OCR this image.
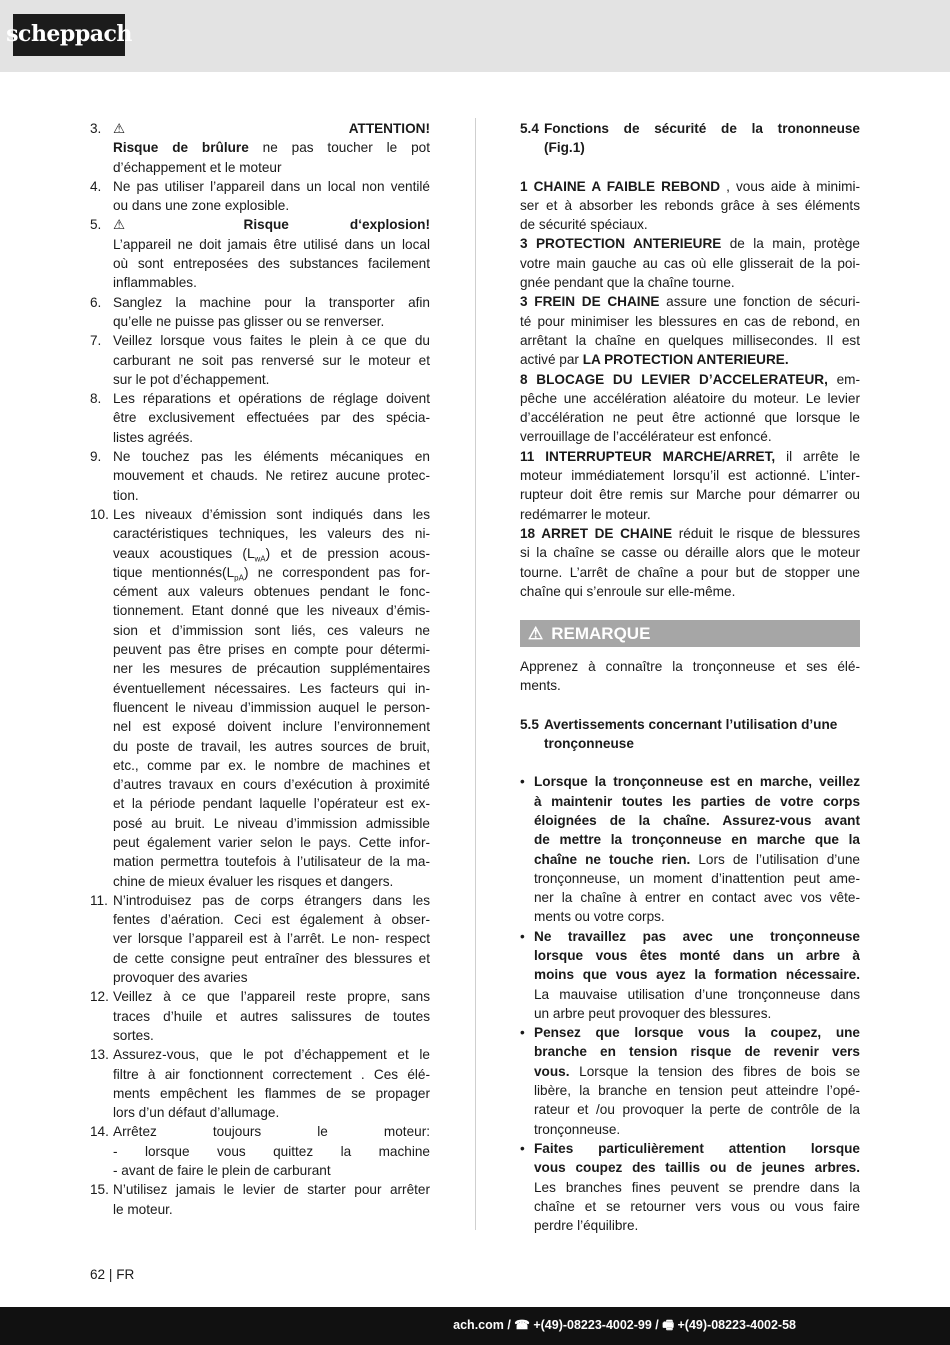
scheppach
3. ⚠ ATTENTION!
Risque de brûlure ne pas toucher le pot
d’échappement et le moteur
4. Ne pas utiliser l’appareil dans un local non ventilé
ou dans une zone explosible.
5. ⚠ Risque d‘explosion!
L’appareil ne doit jamais être utilisé dans un local
où sont entreposées des substances facilement
inflammables.
6. Sanglez la machine pour la transporter afin
qu’elle ne puisse pas glisser ou se renverser.
7. Veillez lorsque vous faites le plein à ce que du
carburant ne soit pas renversé sur le moteur et
sur le pot d’échappement.
8. Les réparations et opérations de réglage doivent
être exclusivement effectuées par des spécia-
listes agréés.
9. Ne touchez pas les éléments mécaniques en
mouvement et chauds. Ne retirez aucune protec-
tion.
10. Les niveaux d’émission sont indiqués dans les
caractéristiques techniques, les valeurs des ni-
veaux acoustiques $(L_{wA})$ et de pression acous-
tique $mentionnés(L_{pA})$ ne correspondent pas for-
cément aux valeurs obtenues pendant le fonc-
tionnement. Etant donné que les niveaux d’émis-
sion et d’immission sont liés, ces valeurs ne
peuvent pas être prises en compte pour détermi-
ner les mesures de précaution supplémentaires
éventuellement nécessaires. Les facteurs qui in-
fluencent le niveau d’immission auquel le person-
nel est exposé doivent inclure l’environnement
du poste de travail, les autres sources de bruit,
etc., comme par ex. le nombre de machines et
d’autres travaux en cours d’exécution à proximité
et la période pendant laquelle l’opérateur est ex-
posé au bruit. Le niveau d’immission admissible
peut également varier selon le pays. Cette infor-
mation permettra toutefois à l’utilisateur de la ma-
chine de mieux évaluer les risques et dangers.
11. N’introduisez pas de corps étrangers dans les
fentes d’aération. Ceci est également à obser-
ver lorsque l’appareil est à l’arrêt. Le non- respect
de cette consigne peut entraîner des blessures et
provoquer des avaries
12. Veillez à ce que l’appareil reste propre, sans
traces d’huile et autres salissures de toutes
sortes.
13. Assurez-vous, que le pot d’échappement et le
filtre à air fonctionnent correctement . Ces élé-
ments empêchent les flammes de se propager
lors d’un défaut d’allumage.
14. Arrêtez toujours le moteur:
- lorsque vous quittez la machine
- avant de faire le plein de carburant
15. N’utilisez jamais le levier de starter pour arrêter
le moteur.
5.4 Fonctions de sécurité de la trononneuse
(Fig.1)
1 CHAINE A FAIBLE REBOND , vous aide à minimi-
ser et à absorber les rebonds grâce à ses éléments
de sécurité spéciaux.
3 PROTECTION ANTERIEURE de la main, protège
votre main gauche au cas où elle glisserait de la poi-
gnée pendant que la chaîne tourne.
3 FREIN DE CHAINE assure une fonction de sécuri-
té pour minimiser les blessures en cas de rebond, en
arrêtant la chaîne en quelques millisecondes. Il est
activé par LA PROTECTION ANTERIEURE.
8 BLOCAGE DU LEVIER D’ACCELERATEUR, em-
pêche une accélération aléatoire du moteur. Le levier
d’accélération ne peut être actionné que lorsque le
verrouillage de l’accélérateur est enfoncé.
11 INTERRUPTEUR MARCHE/ARRET, il arrête le
moteur immédiatement lorsqu’il est actionné. L’inter-
rupteur doit être remis sur Marche pour démarrer ou
redémarrer le moteur.
18 ARRET DE CHAINE réduit le risque de blessures
si la chaîne se casse ou déraille alors que le moteur
tourne. L’arrêt de chaîne a pour but de stopper une
chaîne qui s’enroule sur elle-même.
⚠ REMARQUE
Apprenez à connaître la tronçonneuse et ses élé-
ments.
5.5 Avertissements concernant l’utilisation d’une
tronçonneuse
• Lorsque la tronçonneuse est en marche, veillez
à maintenir toutes les parties de votre corps
éloignées de la chaîne. Assurez-vous avant
de mettre la tronçonneuse en marche que la
chaîne ne touche rien. Lors de l’utilisation d’une
tronçonneuse, un moment d’inattention peut ame-
ner la chaîne à entrer en contact avec vos vête-
ments ou votre corps.
• Ne travaillez pas avec une tronçonneuse
lorsque vous êtes monté dans un arbre à
moins que vous ayez la formation nécessaire.
La mauvaise utilisation d’une tronçonneuse dans
un arbre peut provoquer des blessures.
• Pensez que lorsque vous la coupez, une
branche en tension risque de revenir vers
vous. Lorsque la tension des fibres de bois se
libère, la branche en tension peut atteindre l’opé-
rateur et /ou provoquer la perte de contrôle de la
tronçonneuse.
• Faites particulièrement attention lorsque
vous coupez des taillis ou de jeunes arbres.
Les branches fines peuvent se prendre dans la
chaîne et se retourner vers vous ou vous faire
perdre l’équilibre.
62 | FR
ach.com / ☎ +(49)-08223-4002-99 / 🖷 +(49)-08223-4002-58
